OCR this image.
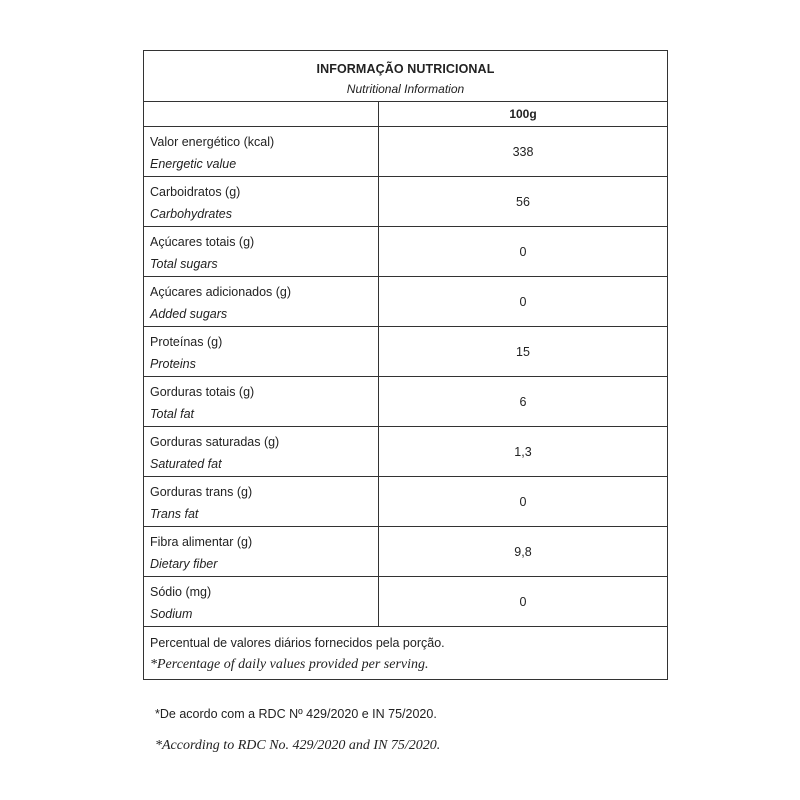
INFORMAÇÃO NUTRICIONAL
Nutritional Information
100g
Valor energético (kcal)
Energetic value
338
Carboidratos (g)
Carbohydrates
56
Açúcares totais (g)
Total sugars
0
Açúcares adicionados (g)
Added sugars
0
Proteínas (g)
Proteins
15
Gorduras totais (g)
Total fat
6
Gorduras saturadas (g)
Saturated fat
1,3
Gorduras trans (g)
Trans fat
0
Fibra alimentar (g)
Dietary fiber
9,8
Sódio (mg)
Sodium
0
Percentual de valores diários fornecidos pela porção.
*Percentage of daily values provided per serving.
*De acordo com a RDC Nº 429/2020 e IN 75/2020.
*According to RDC No. 429/2020 and IN 75/2020.
